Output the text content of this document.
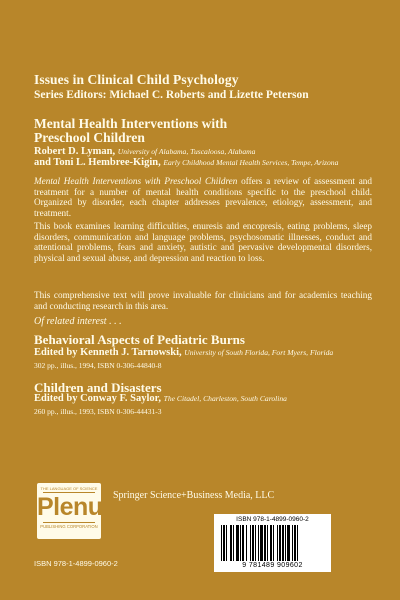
Issues in Clinical Child Psychology
Series Editors: Michael C. Roberts and Lizette Peterson
Mental Health Interventions with
Preschool Children
Robert D. Lyman, University of Alabama, Tuscaloosa, Alabama
and Toni L. Hembree-Kigin, Early Childhood Mental Health Services, Tempe, Arizona
Mental Health Interventions with Preschool Children offers a review of assessment and treatment for a number of mental health conditions specific to the preschool child. Organized by disorder, each chapter addresses prevalence, etiology, assessment, and treatment.
This book examines learning difficulties, enuresis and encopresis, eating problems, sleep disorders, communication and language problems, psychosomatic illnesses, conduct and attentional problems, fears and anxiety, autistic and pervasive developmental disorders, physical and sexual abuse, and depression and reaction to loss.
This comprehensive text will prove invaluable for clinicians and for academics teaching and conducting research in this area.
Of related interest . . .
Behavioral Aspects of Pediatric Burns
Edited by Kenneth J. Tarnowski, University of South Florida, Fort Myers, Florida
302 pp., illus., 1994, ISBN 0-306-44840-8
Children and Disasters
Edited by Conway F. Saylor, The Citadel, Charleston, South Carolina
260 pp., illus., 1993, ISBN 0-306-44431-3
THE LANGUAGE OF SCIENCE
Plenum
PUBLISHING CORPORATION
Springer Science+Business Media, LLC
ISBN 978-1-4899-0960-2
ISBN 978-1-4899-0960-2
9 781489 909602
